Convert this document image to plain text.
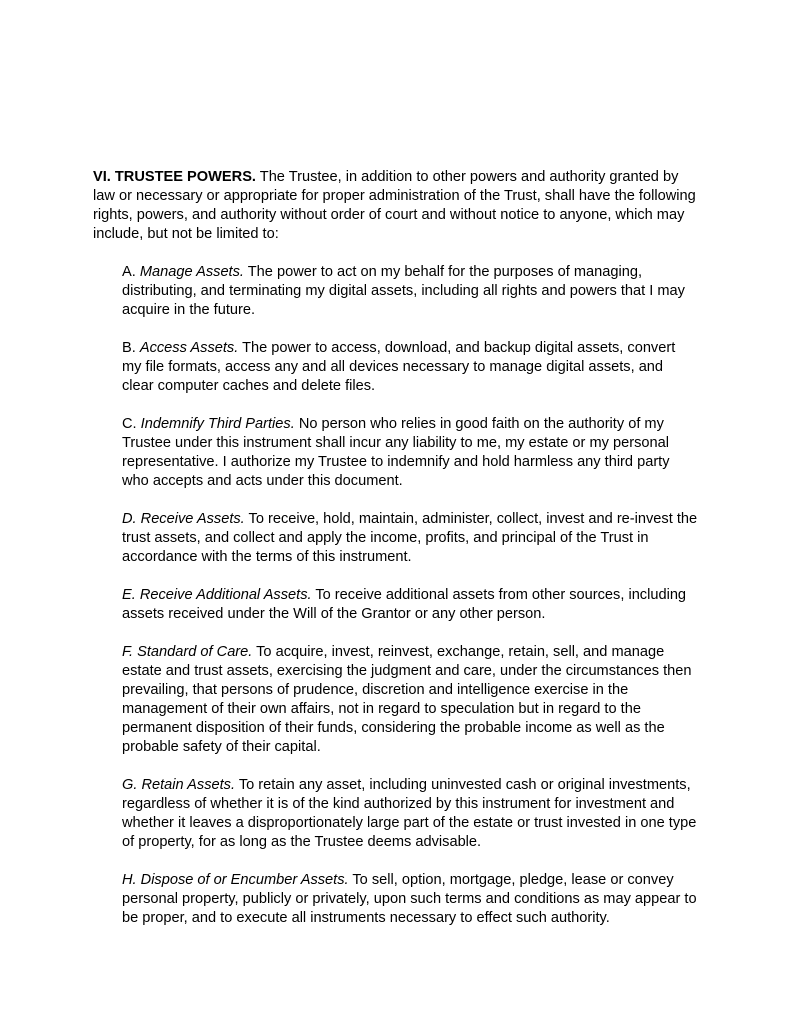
VI. TRUSTEE POWERS. The Trustee, in addition to other powers and authority granted by law or necessary or appropriate for proper administration of the Trust, shall have the following rights, powers, and authority without order of court and without notice to anyone, which may include, but not be limited to:

A. Manage Assets. The power to act on my behalf for the purposes of managing, distributing, and terminating my digital assets, including all rights and powers that I may acquire in the future.
B. Access Assets. The power to access, download, and backup digital assets, convert my file formats, access any and all devices necessary to manage digital assets, and clear computer caches and delete files.
C. Indemnify Third Parties. No person who relies in good faith on the authority of my Trustee under this instrument shall incur any liability to me, my estate or my personal representative. I authorize my Trustee to indemnify and hold harmless any third party who accepts and acts under this document.
D. Receive Assets. To receive, hold, maintain, administer, collect, invest and re-invest the trust assets, and collect and apply the income, profits, and principal of the Trust in accordance with the terms of this instrument.
E. Receive Additional Assets. To receive additional assets from other sources, including assets received under the Will of the Grantor or any other person.
F. Standard of Care. To acquire, invest, reinvest, exchange, retain, sell, and manage estate and trust assets, exercising the judgment and care, under the circumstances then prevailing, that persons of prudence, discretion and intelligence exercise in the management of their own affairs, not in regard to speculation but in regard to the permanent disposition of their funds, considering the probable income as well as the probable safety of their capital.
G. Retain Assets. To retain any asset, including uninvested cash or original investments, regardless of whether it is of the kind authorized by this instrument for investment and whether it leaves a disproportionately large part of the estate or trust invested in one type of property, for as long as the Trustee deems advisable.
H. Dispose of or Encumber Assets. To sell, option, mortgage, pledge, lease or convey personal property, publicly or privately, upon such terms and conditions as may appear to be proper, and to execute all instruments necessary to effect such authority.
